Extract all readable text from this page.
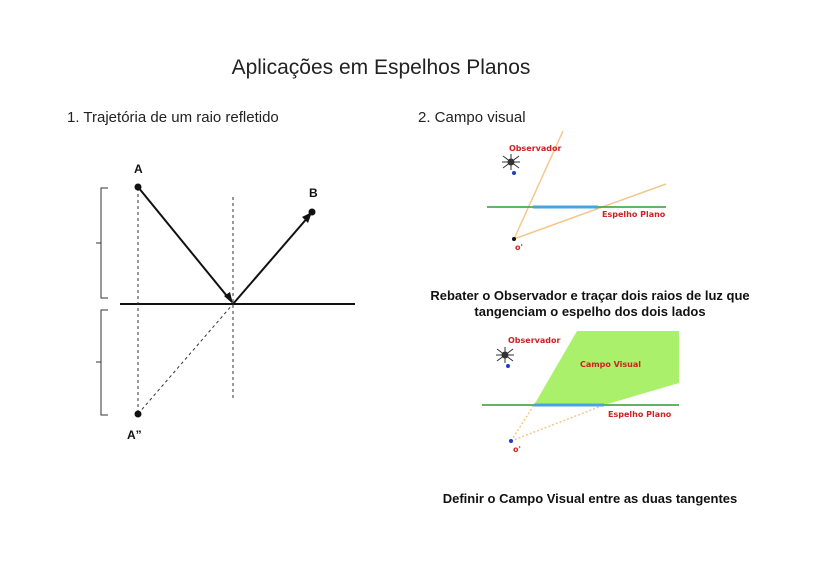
Aplicações em Espelhos Planos
1. Trajetória de um raio refletido	2. Campo visual
A
B
A”
Observador
Espelho Plano
o'
Rebater o Observador e traçar dois raios de luz que tangenciam o espelho dos dois lados
Observador
Campo Visual
Espelho Plano
o'
Definir o Campo Visual entre as duas tangentes
